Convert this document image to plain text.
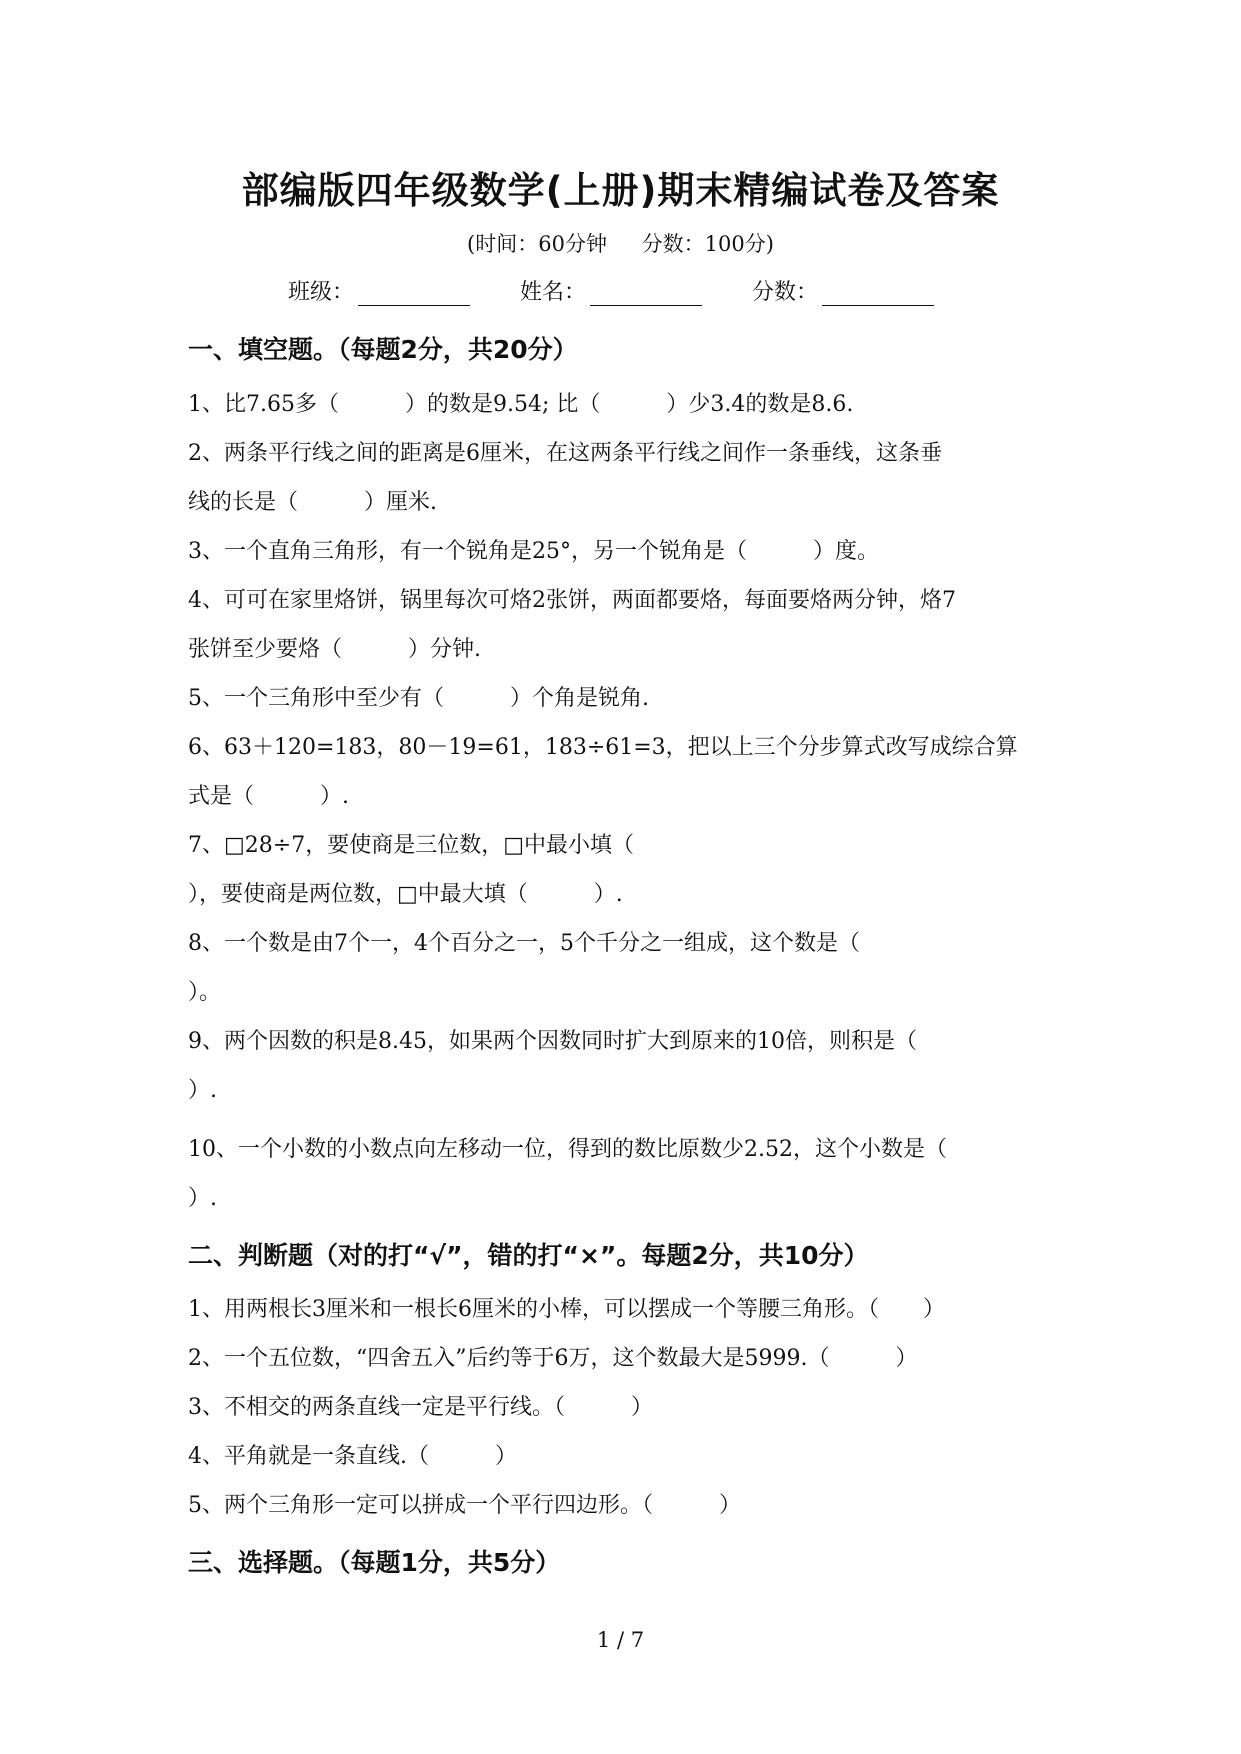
部编版四年级数学(上册)期末精编试卷及答案
(时间：60分钟 分数：100分)
班级：	姓名：	分数：
一、填空题。（每题2分，共20分）
1、比7.65多（　　　）的数是9.54; 比（　　　）少3.4的数是8.6.
2、两条平行线之间的距离是6厘米，在这两条平行线之间作一条垂线，这条垂
线的长是（　　　）厘米.
3、一个直角三角形，有一个锐角是25°，另一个锐角是（　　　）度。
4、可可在家里烙饼，锅里每次可烙2张饼，两面都要烙，每面要烙两分钟，烙7
张饼至少要烙（　　　）分钟.
5、一个三角形中至少有（　　　）个角是锐角.
6、63＋120=183，80－19=61，183÷61=3，把以上三个分步算式改写成综合算
式是（　　　）.
7、□28÷7，要使商是三位数，□中最小填（
），要使商是两位数，□中最大填（　　　）.
8、一个数是由7个一，4个百分之一，5个千分之一组成，这个数是（
）。
9、两个因数的积是8.45，如果两个因数同时扩大到原来的10倍，则积是（
）.
10、一个小数的小数点向左移动一位，得到的数比原数少2.52，这个小数是（
）.
二、判断题（对的打“√”，错的打“×”。每题2分，共10分）
1、用两根长3厘米和一根长6厘米的小棒，可以摆成一个等腰三角形。（　　）
2、一个五位数，“四舍五入”后约等于6万，这个数最大是5999.（　　　）
3、不相交的两条直线一定是平行线。（　　　）
4、平角就是一条直线.（　　　）
5、两个三角形一定可以拼成一个平行四边形。（　　　）
三、选择题。（每题1分，共5分）
1 / 7
